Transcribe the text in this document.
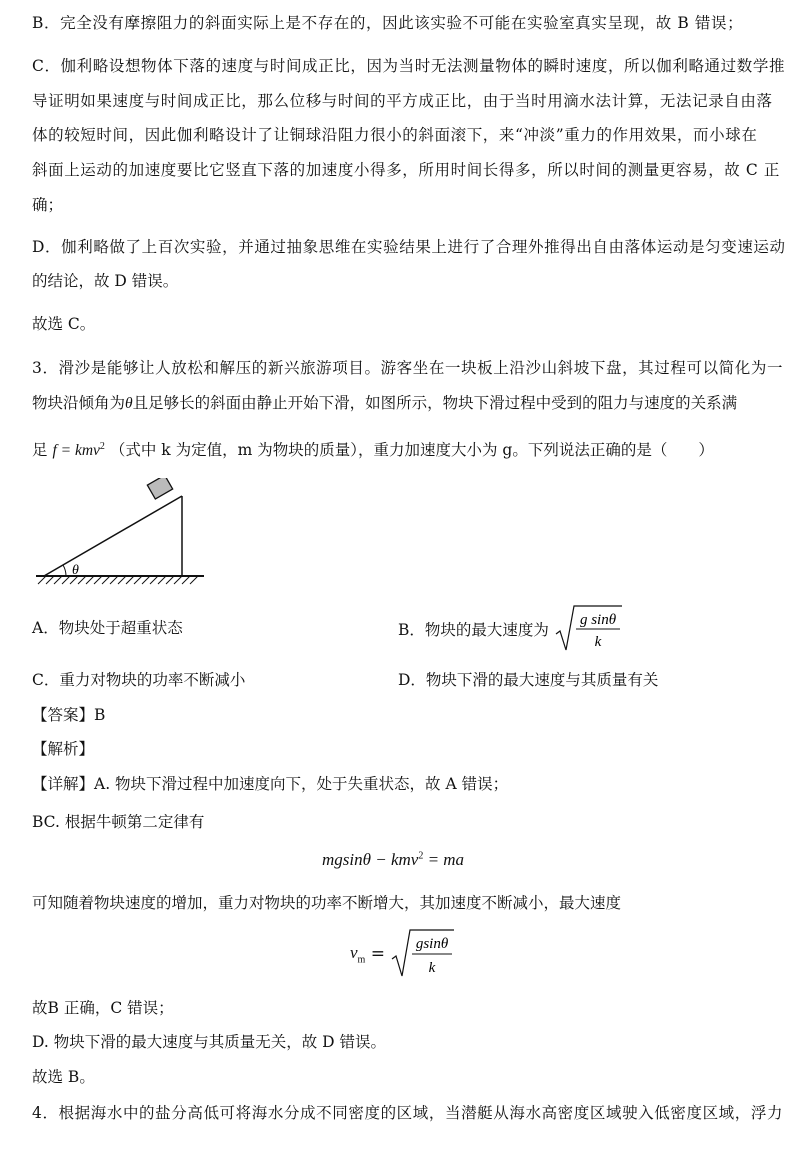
B．完全没有摩擦阻力的斜面实际上是不存在的，因此该实验不可能在实验室真实呈现，故 B 错误；
C．伽利略设想物体下落的速度与时间成正比，因为当时无法测量物体的瞬时速度，所以伽利略通过数学推
导证明如果速度与时间成正比，那么位移与时间的平方成正比，由于当时用滴水法计算，无法记录自由落
体的较短时间，因此伽利略设计了让铜球沿阻力很小的斜面滚下，来“冲淡”重力的作用效果，而小球在
斜面上运动的加速度要比它竖直下落的加速度小得多，所用时间长得多，所以时间的测量更容易，故 C 正
确；
D．伽利略做了上百次实验，并通过抽象思维在实验结果上进行了合理外推得出自由落体运动是匀变速运动
的结论，故 D 错误。
故选 C。
3．滑沙是能够让人放松和解压的新兴旅游项目。游客坐在一块板上沿沙山斜坡下盘，其过程可以简化为一
物块沿倾角为θ且足够长的斜面由静止开始下滑，如图所示，物块下滑过程中受到的阻力与速度的关系满
足 f = kmv$^2$ （式中 k 为定值，m 为物块的质量），重力加速度大小为 g。下列说法正确的是（　　）
θ
A．物块处于超重状态	B．物块的最大速度为
g sinθ
k
C．重力对物块的功率不断减小	D．物块下滑的最大速度与其质量有关
【答案】B
【解析】
【详解】A. 物块下滑过程中加速度向下，处于失重状态，故 A 错误；
BC. 根据牛顿第二定律有
mgsinθ − kmv$^2$ = ma
可知随着物块速度的增加，重力对物块的功率不断增大，其加速度不断减小，最大速度
$v_m = gsin\theta$
k
故B 正确，C 错误；
D. 物块下滑的最大速度与其质量无关，故 D 错误。
故选 B。
4．根据海水中的盐分高低可将海水分成不同密度的区域，当潜艇从海水高密度区域驶入低密度区域，浮力
